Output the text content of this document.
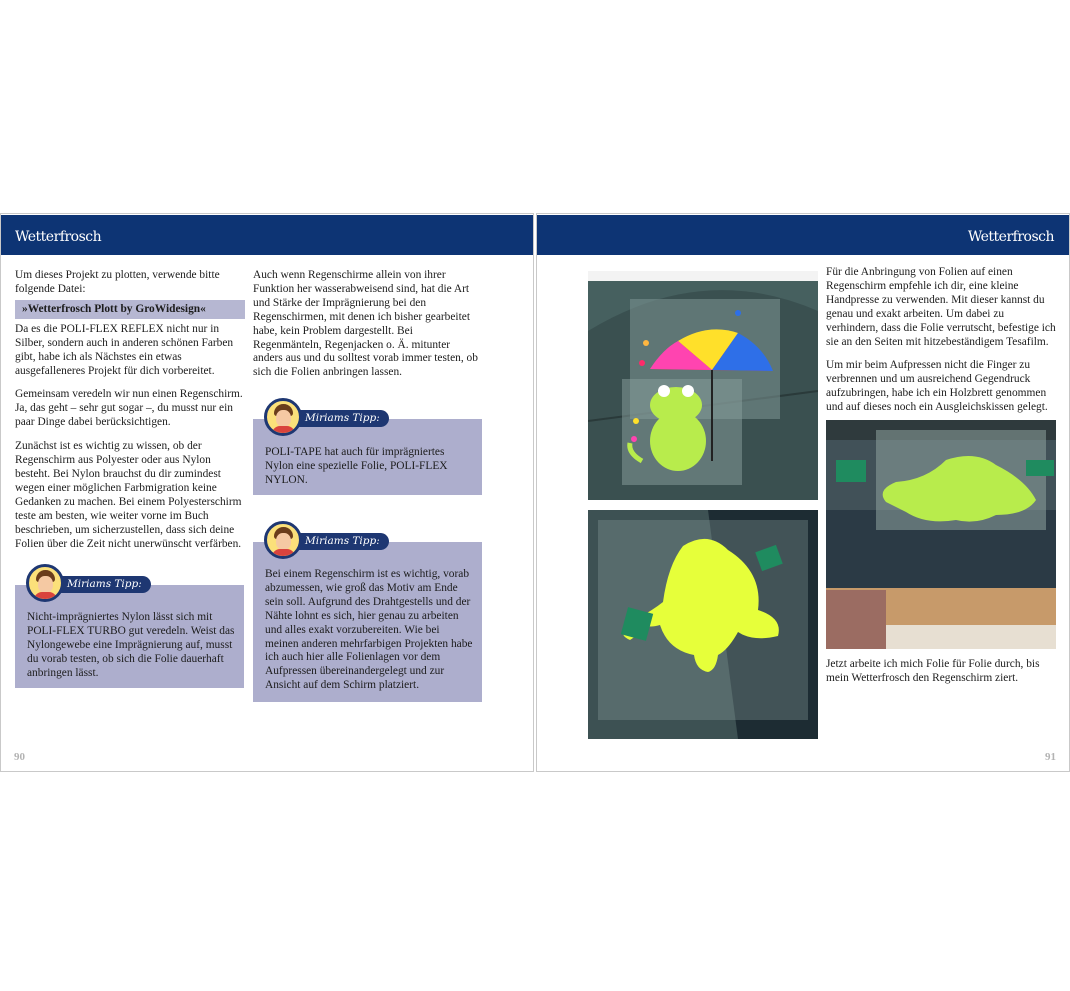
Wetterfrosch

Um dieses Projekt zu plotten, verwende bitte folgende Datei:

»Wetterfrosch Plott by GroWidesign«

Da es die POLI-FLEX REFLEX nicht nur in Silber, sondern auch in anderen schönen Farben gibt, habe ich als Nächstes ein etwas ausgefalleneres Projekt für dich vorbereitet.

Gemeinsam veredeln wir nun einen Regenschirm. Ja, das geht – sehr gut sogar –, du musst nur ein paar Dinge dabei berücksichtigen.

Zunächst ist es wichtig zu wissen, ob der Regenschirm aus Polyester oder aus Nylon besteht. Bei Nylon brauchst du dir zumindest wegen einer möglichen Farbmigration keine Gedanken zu machen. Bei einem Polyesterschirm teste am besten, wie weiter vorne im Buch beschrieben, um sicherzustellen, dass sich deine Folien über die Zeit nicht unerwünscht verfärben.

Miriams Tipp:
Nicht-imprägniertes Nylon lässt sich mit POLI-FLEX TURBO gut veredeln. Weist das Nylongewebe eine Imprägnierung auf, musst du vorab testen, ob sich die Folie dauerhaft anbringen lässt.

Auch wenn Regenschirme allein von ihrer Funktion her wasserabweisend sind, hat die Art und Stärke der Imprägnierung bei den Regenschirmen, mit denen ich bisher gearbeitet habe, kein Problem dargestellt. Bei Regenmänteln, Regenjacken o. Ä. mitunter anders aus und du solltest vorab immer testen, ob sich die Folien anbringen lassen.

Miriams Tipp:
POLI-TAPE hat auch für imprägniertes Nylon eine spezielle Folie, POLI-FLEX NYLON.
Miriams Tipp:
Bei einem Regenschirm ist es wichtig, vorab abzumessen, wie groß das Motiv am Ende sein soll. Aufgrund des Drahtgestells und der Nähte lohnt es sich, hier genau zu arbeiten und alles exakt vorzubereiten. Wie bei meinen anderen mehrfarbigen Projekten habe ich auch hier alle Folienlagen vor dem Aufpressen übereinandergelegt und zur Ansicht auf dem Schirm platziert.
90
Wetterfrosch

Für die Anbringung von Folien auf einen Regenschirm empfehle ich dir, eine kleine Handpresse zu verwenden. Mit dieser kannst du genau und exakt arbeiten. Um dabei zu verhindern, dass die Folie verrutscht, befestige ich sie an den Seiten mit hitzebeständigem Tesafilm.

Um mir beim Aufpressen nicht die Finger zu verbrennen und um ausreichend Gegendruck aufzubringen, habe ich ein Holzbrett genommen und auf dieses noch ein Ausgleichskissen gelegt.

Jetzt arbeite ich mich Folie für Folie durch, bis mein Wetterfrosch den Regenschirm ziert.

91
